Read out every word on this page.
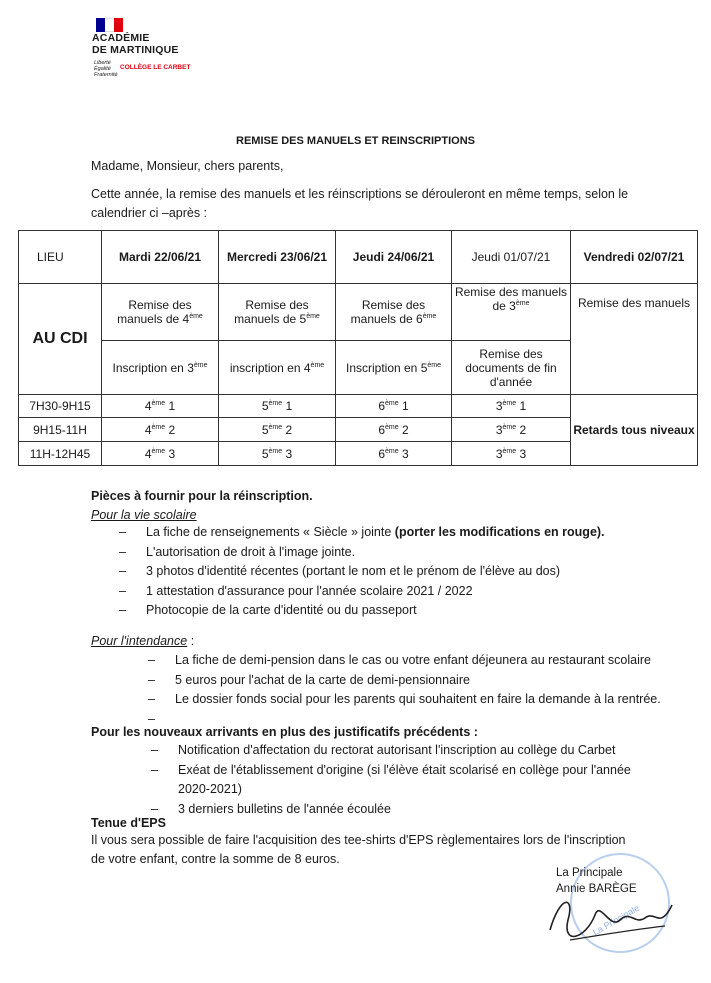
ACADÉMIE
DE MARTINIQUE
Liberté
Égalité
Fraternité
COLLÈGE LE CARBET
REMISE DES MANUELS ET REINSCRIPTIONS
Madame, Monsieur, chers parents,
Cette année, la remise des manuels et les réinscriptions se dérouleront en même temps, selon le calendrier ci –après :
LIEU	Mardi 22/06/21	Mercredi 23/06/21	Jeudi 24/06/21	Jeudi 01/07/21	Vendredi 02/07/21
AU CDI	Remise des manuels de 4ème	Remise des manuels de 5ème	Remise des manuels de 6ème	Remise des manuels de 3ème	Remise des manuels
	Inscription en 3ème	inscription en 4ème	Inscription en 5ème	Remise des documents de fin d'année	
7H30-9H15	4ème 1	5ème 1	6ème 1	3ème 1	Retards tous niveaux
9H15-11H	4ème 2	5ème 2	6ème 2	3ème 2	
11H-12H45	4ème 3	5ème 3	6ème 3	3ème 3	
Pièces à fournir pour la réinscription.
Pour la vie scolaire
– La fiche de renseignements « Siècle » jointe (porter les modifications en rouge).
– L'autorisation de droit à l'image jointe.
– 3 photos d'identité récentes (portant le nom et le prénom de l'élève au dos)
– 1 attestation d'assurance pour l'année scolaire 2021 / 2022
– Photocopie de la carte d'identité ou du passeport
Pour l'intendance :
– La fiche de demi-pension dans le cas ou votre enfant déjeunera au restaurant scolaire
– 5 euros pour l'achat de la carte de demi-pensionnaire
– Le dossier fonds social pour les parents qui souhaitent en faire la demande à la rentrée.
–
Pour les nouveaux arrivants en plus des justificatifs précédents :
– Notification d'affectation du rectorat autorisant l'inscription au collège du Carbet
– Exéat de l'établissement d'origine (si l'élève était scolarisé en collège pour l'année 2020-2021)
– 3 derniers bulletins de l'année écoulée
Tenue d'EPS
Il vous sera possible de faire l'acquisition des tee-shirts d'EPS règlementaires lors de l'inscription de votre enfant, contre la somme de 8 euros.
La Principale
La Principale
Annie BARÈGE
